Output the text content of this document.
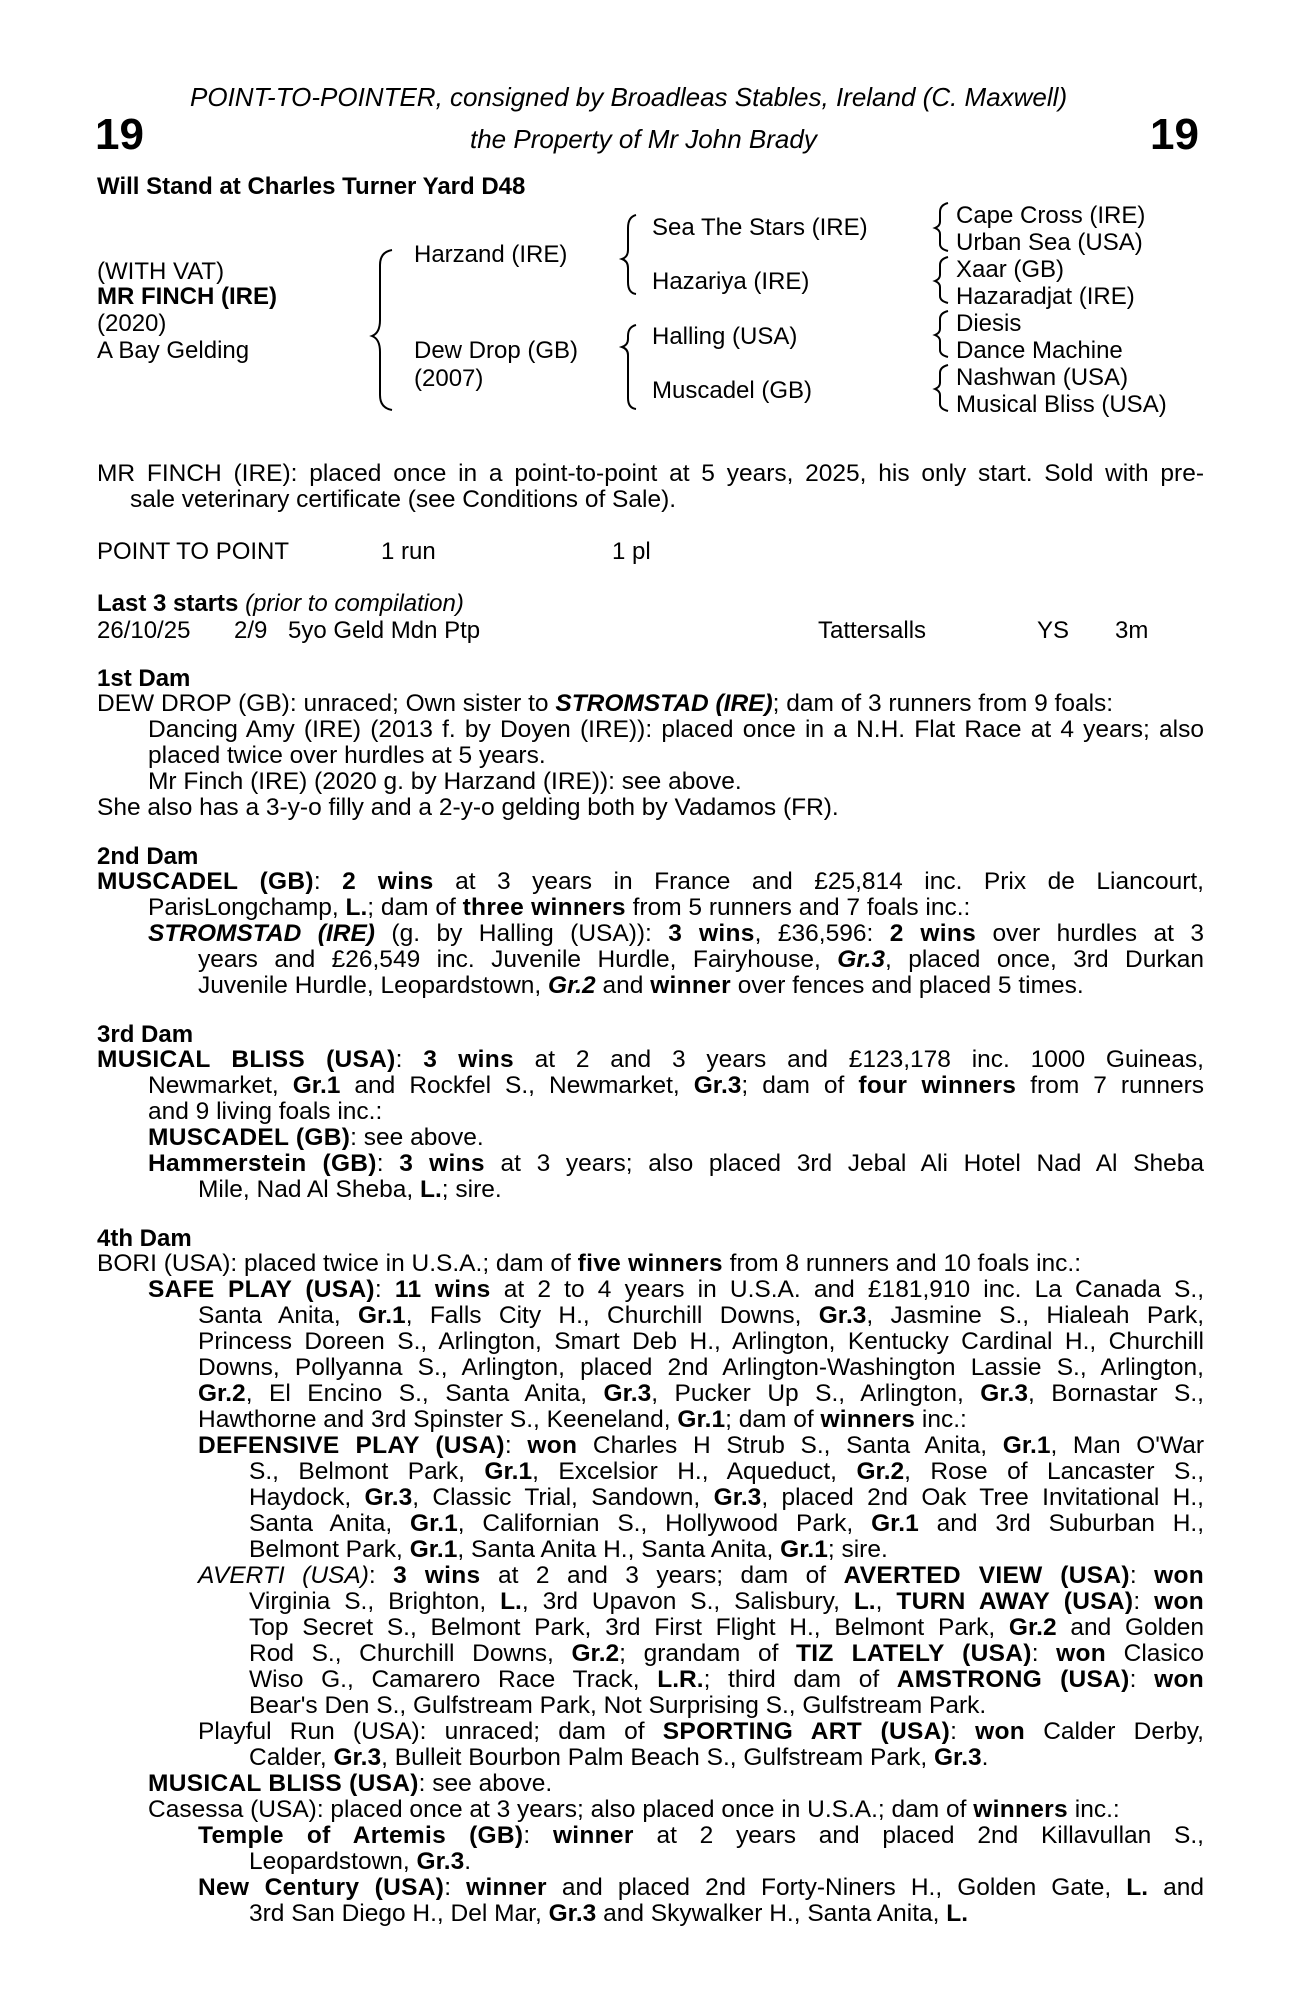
POINT-TO-POINTER, consigned by Broadleas Stables, Ireland (C. Maxwell)
the Property of Mr John Brady
19	19
Will Stand at Charles Turner Yard D48
(WITH VAT)
MR FINCH (IRE)
(2020)
A Bay Gelding
Harzand (IRE)
Dew Drop (GB)
(2007)
Sea The Stars (IRE)
Hazariya (IRE)
Halling (USA)
Muscadel (GB)
Cape Cross (IRE)
Urban Sea (USA)
Xaar (GB)
Hazaradjat (IRE)
Diesis
Dance Machine
Nashwan (USA)
Musical Bliss (USA)
MR FINCH (IRE): placed once in a point-to-point at 5 years, 2025, his only start. Sold with pre-
sale veterinary certificate (see Conditions of Sale).
POINT TO POINT	1 run	1 pl
Last 3 starts (prior to compilation)
26/10/25 2/9 5yo Geld Mdn Ptp	Tattersalls	YS 3m
1st Dam
DEW DROP (GB): unraced; Own sister to STROMSTAD (IRE); dam of 3 runners from 9 foals:
Dancing Amy (IRE) (2013 f. by Doyen (IRE)): placed once in a N.H. Flat Race at 4 years; also
placed twice over hurdles at 5 years.
Mr Finch (IRE) (2020 g. by Harzand (IRE)): see above.
She also has a 3-y-o filly and a 2-y-o gelding both by Vadamos (FR).
2nd Dam
MUSCADEL (GB): 2 wins at 3 years in France and £25,814 inc. Prix de Liancourt,
ParisLongchamp, L.; dam of three winners from 5 runners and 7 foals inc.:
STROMSTAD (IRE) (g. by Halling (USA)): 3 wins, £36,596: 2 wins over hurdles at 3
years and £26,549 inc. Juvenile Hurdle, Fairyhouse, Gr.3, placed once, 3rd Durkan
Juvenile Hurdle, Leopardstown, Gr.2 and winner over fences and placed 5 times.
3rd Dam
MUSICAL BLISS (USA): 3 wins at 2 and 3 years and £123,178 inc. 1000 Guineas,
Newmarket, Gr.1 and Rockfel S., Newmarket, Gr.3; dam of four winners from 7 runners
and 9 living foals inc.:
MUSCADEL (GB): see above.
Hammerstein (GB): 3 wins at 3 years; also placed 3rd Jebal Ali Hotel Nad Al Sheba
Mile, Nad Al Sheba, L.; sire.
4th Dam
BORI (USA): placed twice in U.S.A.; dam of five winners from 8 runners and 10 foals inc.:
SAFE PLAY (USA): 11 wins at 2 to 4 years in U.S.A. and £181,910 inc. La Canada S.,
Santa Anita, Gr.1, Falls City H., Churchill Downs, Gr.3, Jasmine S., Hialeah Park,
Princess Doreen S., Arlington, Smart Deb H., Arlington, Kentucky Cardinal H., Churchill
Downs, Pollyanna S., Arlington, placed 2nd Arlington-Washington Lassie S., Arlington,
Gr.2, El Encino S., Santa Anita, Gr.3, Pucker Up S., Arlington, Gr.3, Bornastar S.,
Hawthorne and 3rd Spinster S., Keeneland, Gr.1; dam of winners inc.:
DEFENSIVE PLAY (USA): won Charles H Strub S., Santa Anita, Gr.1, Man O'War
S., Belmont Park, Gr.1, Excelsior H., Aqueduct, Gr.2, Rose of Lancaster S.,
Haydock, Gr.3, Classic Trial, Sandown, Gr.3, placed 2nd Oak Tree Invitational H.,
Santa Anita, Gr.1, Californian S., Hollywood Park, Gr.1 and 3rd Suburban H.,
Belmont Park, Gr.1, Santa Anita H., Santa Anita, Gr.1; sire.
AVERTI (USA): 3 wins at 2 and 3 years; dam of AVERTED VIEW (USA): won
Virginia S., Brighton, L., 3rd Upavon S., Salisbury, L., TURN AWAY (USA): won
Top Secret S., Belmont Park, 3rd First Flight H., Belmont Park, Gr.2 and Golden
Rod S., Churchill Downs, Gr.2; grandam of TIZ LATELY (USA): won Clasico
Wiso G., Camarero Race Track, L.R.; third dam of AMSTRONG (USA): won
Bear's Den S., Gulfstream Park, Not Surprising S., Gulfstream Park.
Playful Run (USA): unraced; dam of SPORTING ART (USA): won Calder Derby,
Calder, Gr.3, Bulleit Bourbon Palm Beach S., Gulfstream Park, Gr.3.
MUSICAL BLISS (USA): see above.
Casessa (USA): placed once at 3 years; also placed once in U.S.A.; dam of winners inc.:
Temple of Artemis (GB): winner at 2 years and placed 2nd Killavullan S.,
Leopardstown, Gr.3.
New Century (USA): winner and placed 2nd Forty-Niners H., Golden Gate, L. and
3rd San Diego H., Del Mar, Gr.3 and Skywalker H., Santa Anita, L.
